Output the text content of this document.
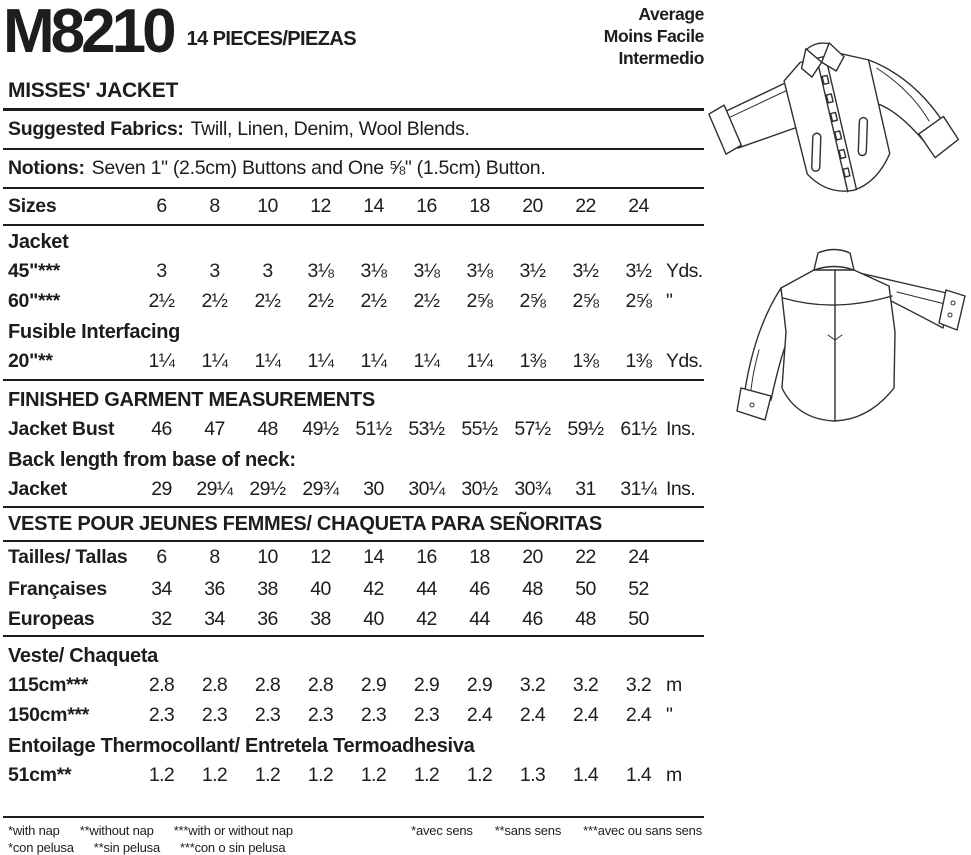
M8210 14 PIECES/PIEZAS
Average
Moins Facile
Intermedio
MISSES' JACKET
Suggested Fabrics: Twill, Linen, Denim, Wool Blends.
Notions: Seven 1" (2.5cm) Buttons and One ⅝" (1.5cm) Button.
Sizes	6	8	10	12	14	16	18	20	22	24
Jacket
45"***	3	3	3	3⅛	3⅛	3⅛	3⅛	3½	3½	3½ Yds.
60"***	2½	2½	2½	2½	2½	2½	2⅝	2⅝	2⅝	2⅝ "
Fusible Interfacing
20"**	1¼	1¼	1¼	1¼	1¼	1¼	1¼	1⅜	1⅜	1⅜ Yds.
FINISHED GARMENT MEASUREMENTS
Jacket Bust	46	47	48	49½ 51½ 53½ 55½ 57½ 59½ 61½ Ins.
Back length from base of neck:
Jacket	29	29¼ 29½ 29¾	30	30¼ 30½ 30¾	31	31¼ Ins.
VESTE POUR JEUNES FEMMES/ CHAQUETA PARA SEÑORITAS
Tailles/ Tallas	6	8	10	12	14	16	18	20	22	24
Françaises	34	36	38	40	42	44	46	48	50	52
Europeas	32	34	36	38	40	42	44	46	48	50
Veste/ Chaqueta
115cm***	2.8	2.8	2.8	2.8	2.9	2.9	2.9	3.2	3.2	3.2 m
150cm***	2.3	2.3	2.3	2.3	2.3	2.3	2.4	2.4	2.4	2.4 "
Entoilage Thermocollant/ Entretela Termoadhesiva
51cm**	1.2	1.2	1.2	1.2	1.2	1.2	1.2	1.3	1.4	1.4 m
*with nap **without nap ***with or without nap
*con pelusa **sin pelusa ***con o sin pelusa
*avec sens **sans sens ***avec ou sans sens
